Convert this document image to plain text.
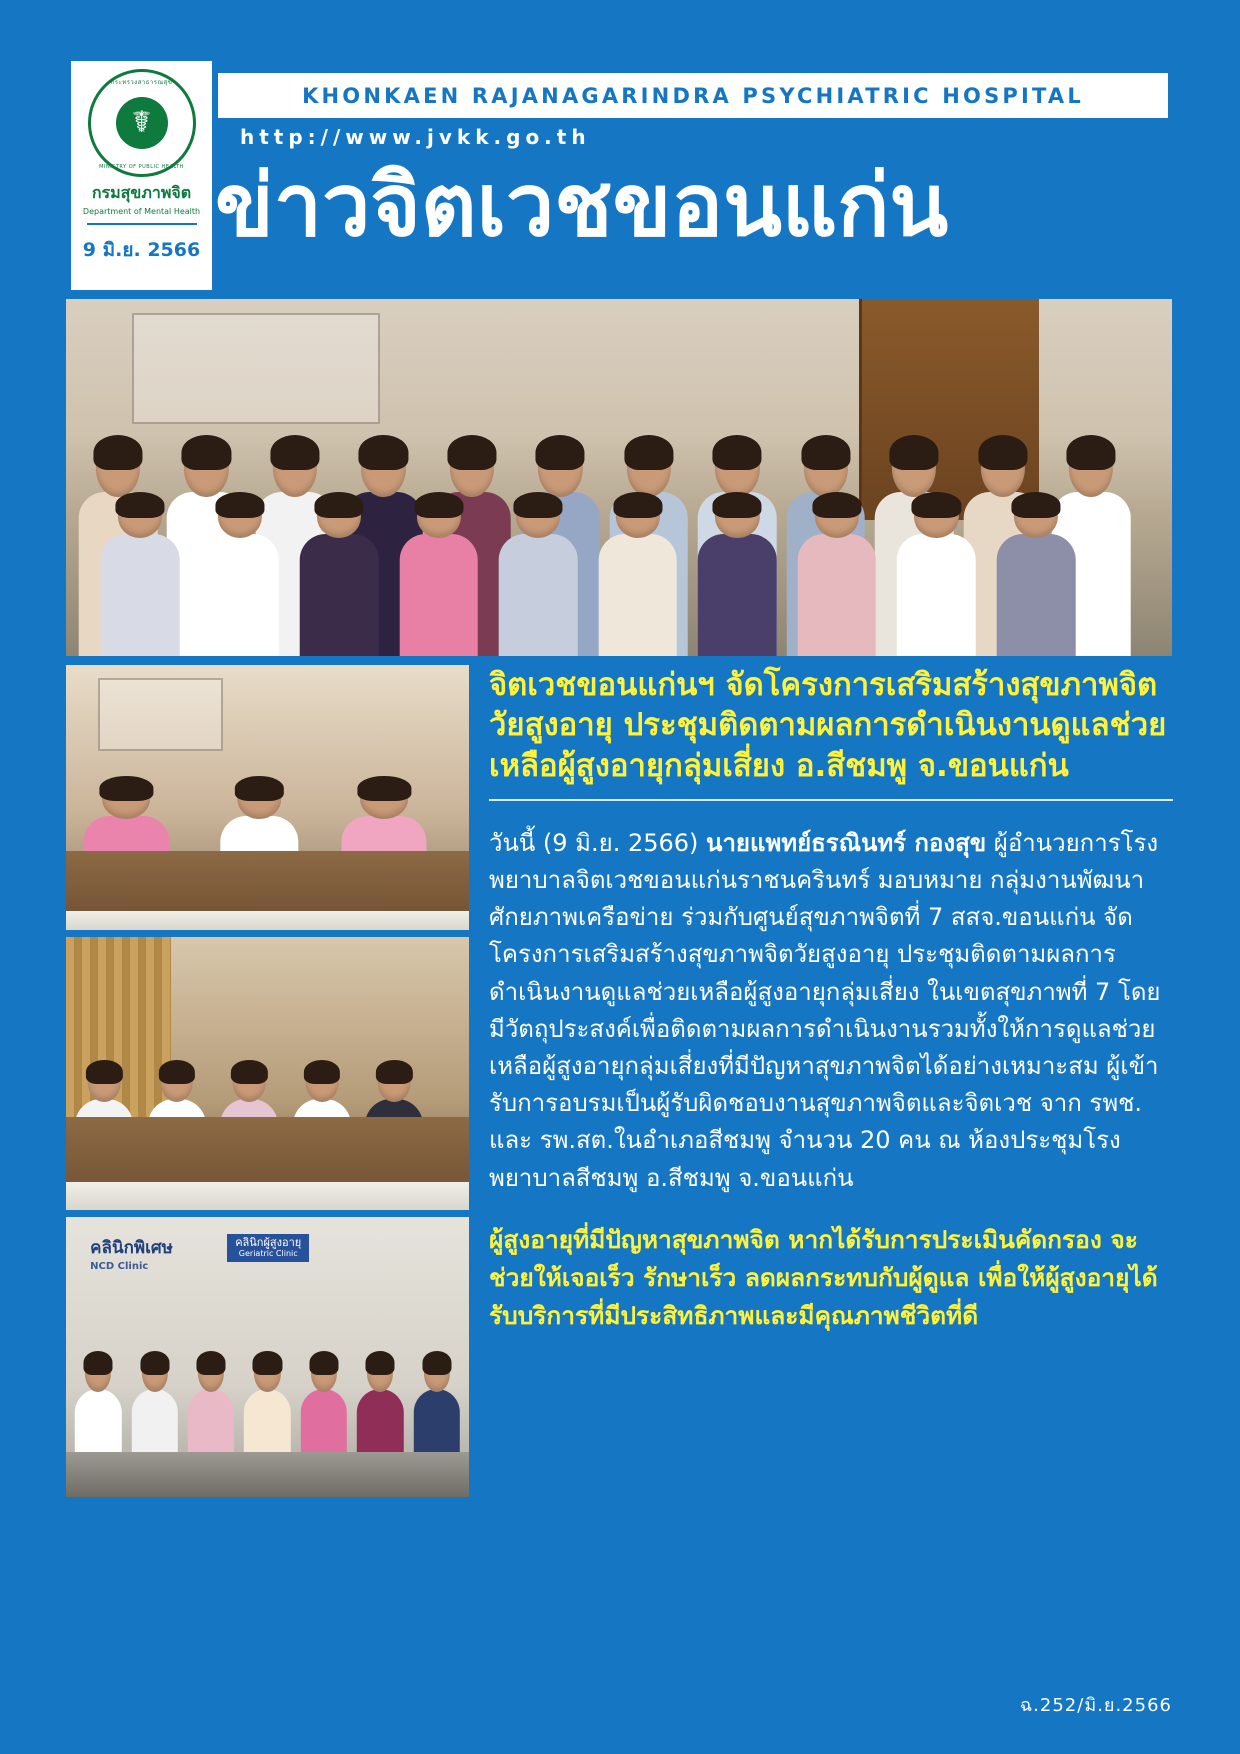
กระทรวงสาธารณสุข
☤
MINISTRY OF PUBLIC HEALTH
กรมสุขภาพจิต
Department of Mental Health
9 มิ.ย. 2566
KHONKAEN RAJANAGARINDRA PSYCHIATRIC HOSPITAL
http://www.jvkk.go.th
ข่าวจิตเวชขอนแก่น
คลินิกพิเศษ
NCD Clinic
คลินิกผู้สูงอายุ
Geriatric Clinic
จิตเวชขอนแก่นฯ จัดโครงการเสริมสร้างสุขภาพจิตวัยสูงอายุ ประชุมติดตามผลการดำเนินงานดูแลช่วยเหลือผู้สูงอายุกลุ่มเสี่ยง อ.สีชมพู จ.ขอนแก่น

วันนี้ (9 มิ.ย. 2566) นายแพทย์ธรณินทร์ กองสุข ผู้อำนวยการโรงพยาบาลจิตเวชขอนแก่นราชนครินทร์ มอบหมาย กลุ่มงานพัฒนาศักยภาพเครือข่าย ร่วมกับศูนย์สุขภาพจิตที่ 7 สสจ.ขอนแก่น จัดโครงการเสริมสร้างสุขภาพจิตวัยสูงอายุ ประชุมติดตามผลการดำเนินงานดูแลช่วยเหลือผู้สูงอายุกลุ่มเสี่ยง ในเขตสุขภาพที่ 7 โดยมีวัตถุประสงค์เพื่อติดตามผลการดำเนินงานรวมทั้งให้การดูแลช่วยเหลือผู้สูงอายุกลุ่มเสี่ยงที่มีปัญหาสุขภาพจิตได้อย่างเหมาะสม ผู้เข้ารับการอบรมเป็นผู้รับผิดชอบงานสุขภาพจิตและจิตเวช จาก รพช. และ รพ.สต.ในอำเภอสีชมพู จำนวน 20 คน ณ ห้องประชุมโรงพยาบาลสีชมพู อ.สีชมพู จ.ขอนแก่น

ผู้สูงอายุที่มีปัญหาสุขภาพจิต หากได้รับการประเมินคัดกรอง จะช่วยให้เจอเร็ว รักษาเร็ว ลดผลกระทบกับผู้ดูแล เพื่อให้ผู้สูงอายุได้รับบริการที่มีประสิทธิภาพและมีคุณภาพชีวิตที่ดี

ฉ.252/มิ.ย.2566
